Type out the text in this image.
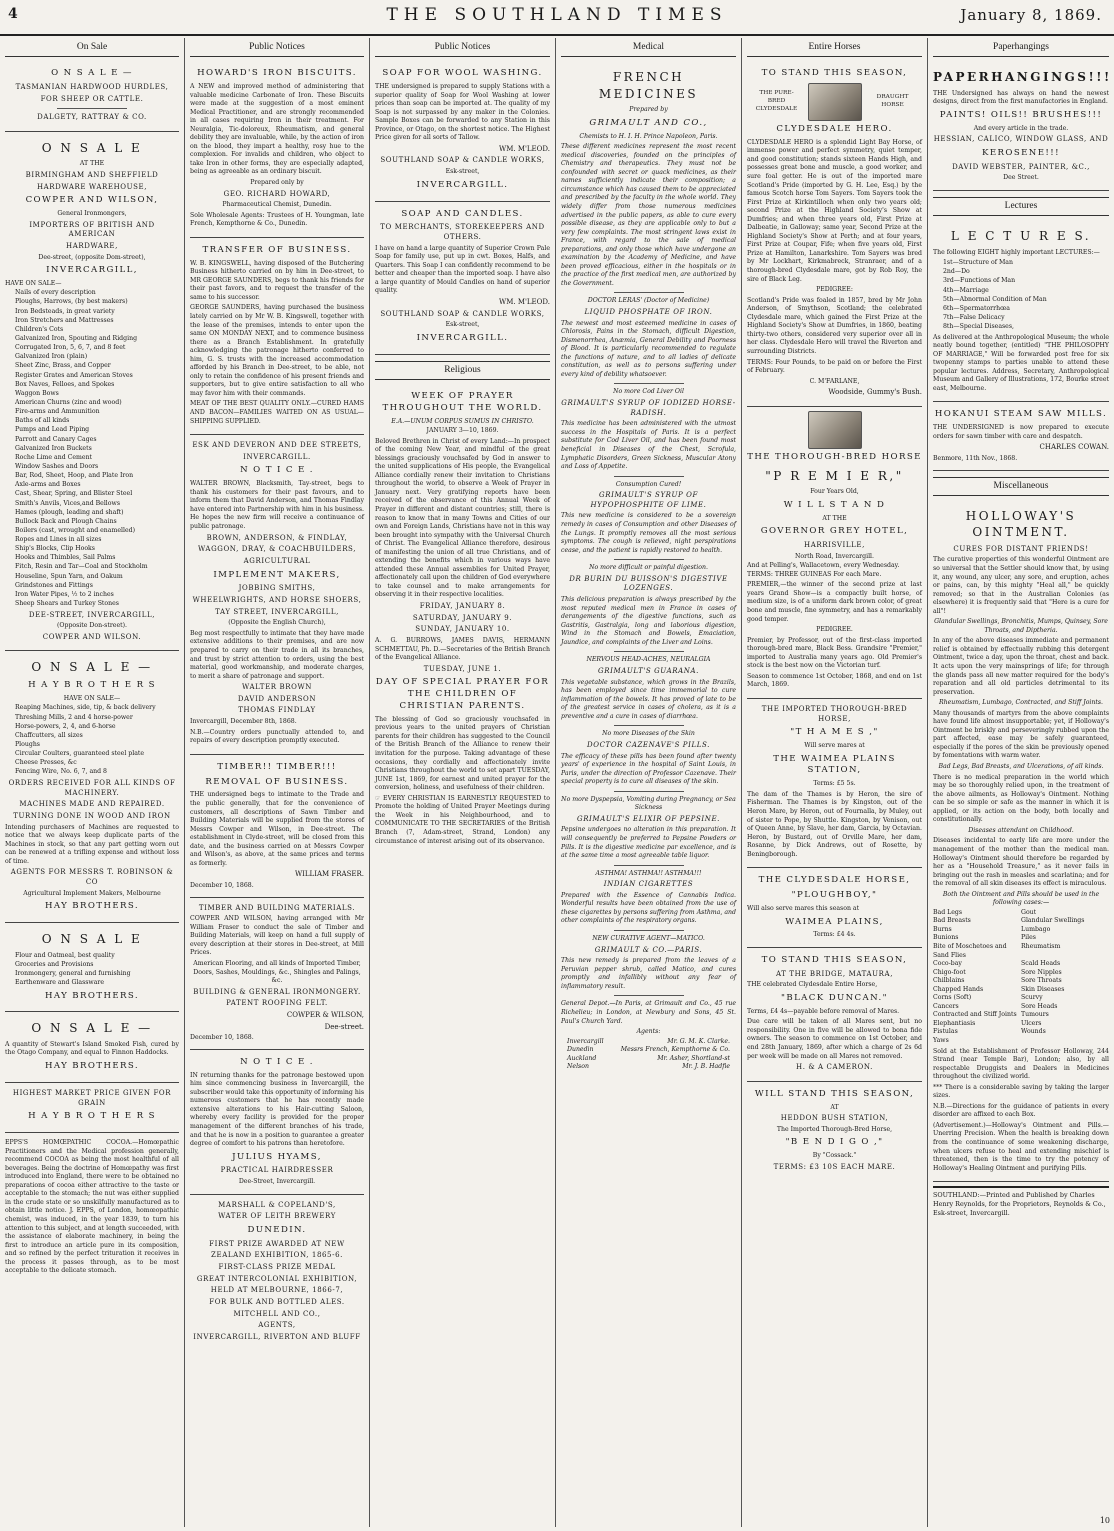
4	THE SOUTHLAND TIMES	January 8, 1869.
On Sale
O N S A L E —
TASMANIAN HARDWOOD HURDLES,
FOR SHEEP OR CATTLE.
DALGETY, RATTRAY & CO.
O N S A L E
AT THE
BIRMINGHAM AND SHEFFIELD
HARDWARE WAREHOUSE,
COWPER AND WILSON,
General Ironmongers,
IMPORTERS OF BRITISH AND AMERICAN
HARDWARE,
Dee-street, (opposite Dom-street),
INVERCARGILL,
HAVE ON SALE—
Nails of every description
Ploughs, Harrows, (by best makers)
Iron Bedsteads, in great variety
Iron Stretchers and Mattresses
Children's Cots
Galvanized Iron, Spouting and Ridging
Corrugated Iron, 5, 6, 7, and 8 feet
Galvanized Iron (plain)
Sheet Zinc, Brass, and Copper
Register Grates and American Stoves
Box Naves, Felloes, and Spokes
Waggon Bows
American Churns (zinc and wood)
Fire-arms and Ammunition
Baths of all kinds
Pumps and Lead Piping
Parrott and Canary Cages
Galvanized Iron Buckets
Roche Lime and Cement
Window Sashes and Doors
Bar, Rod, Sheet, Hoop, and Plate Iron
Axle-arms and Boxes
Cast, Shear, Spring, and Blister Steel
Smith's Anvils, Vices,and Bellows
Hames (plough, leading and shaft)
Bullock Back and Plough Chains
Boilers (cast, wrought and enamelled)
Ropes and Lines in all sizes
Ship's Blocks, Clip Hooks
Hooks and Thimbles, Sail Palms
Fitch, Resin and Tar—Coal and Stockholm
Houseline, Spun Yarn, and Oakum
Grindstones and Fittings
Iron Water Pipes, ½ to 2 inches
Sheep Shears and Turkey Stones
DEE-STREET, INVERCARGILL,
(Opposite Don-street).
COWPER AND WILSON.
O N S A L E —
H A Y B R O T H E R S
HAVE ON SALE—
Reaping Machines, side, tip, & back delivery
Threshing Mills, 2 and 4 horse-power
Horse-powers, 2, 4, and 6-horse
Chaffcutters, all sizes
Ploughs
Circular Coulters, guaranteed steel plate
Cheese Presses, &c
Fencing Wire, No. 6, 7, and 8
ORDERS RECEIVED FOR ALL KINDS OF MACHINERY.
MACHINES MADE AND REPAIRED.
TURNING DONE IN WOOD AND IRON
Intending purchasers of Machines are requested to notice that we always keep duplicate parts of the Machines in stock, so that any part getting worn out can be renewed at a trifling expense and without loss of time.
AGENTS FOR MESSRS T. ROBINSON & CO
Agricultural Implement Makers, Melbourne
HAY BROTHERS.
O N S A L E
Flour and Oatmeal, best quality
Groceries and Provisions
Ironmongery, general and furnishing
Earthenware and Glassware
HAY BROTHERS.
O N S A L E —
A quantity of Stewart's Island Smoked Fish, cured by the Otago Company, and equal to Finnon Haddocks.
HAY BROTHERS.
HIGHEST MARKET PRICE GIVEN FOR GRAIN
H A Y B R O T H E R S
EPPS'S HOMŒPATHIC COCOA.—Homœpathic Practitioners and the Medical profession generally, recommend COCOA as being the most healthful of all beverages. Being the doctrine of Homœpathy was first introduced into England, there were to be obtained no preparations of cocoa either attractive to the taste or acceptable to the stomach; the nut was either supplied in the crude state or so unskilfully manufactured as to obtain little notice. J. EPPS, of London, homœopathic chemist, was induced, in the year 1839, to turn his attention to this subject, and at length succeeded, with the assistance of elaborate machinery, in being the first to introduce an article pure in its composition, and so refined by the perfect trituration it receives in the process it passes through, as to be most acceptable to the delicate stomach.
Public Notices
HOWARD'S IRON BISCUITS.
A NEW and improved method of administering that valuable medicine Carbonate of Iron. These Biscuits were made at the suggestion of a most eminent Medical Practitioner, and are strongly recommended in all cases requiring Iron in their treatment. For Neuralgia, Tic-doloreux, Rheumatism, and general debility they are invaluable, while, by the action of iron on the blood, they impart a healthy, rosy hue to the complexion. For invalids and children, who object to take Iron in other forms, they are especially adapted, being as agreeable as an ordinary biscuit.
Prepared only by
GEO. RICHARD HOWARD,
Pharmaceutical Chemist, Dunedin.
Sole Wholesale Agents: Trustees of H. Youngman, late French, Kempthorne & Co., Dunedin.
TRANSFER OF BUSINESS.
W. B. KINGSWELL, having disposed of the Butchering Business hitherto carried on by him in Dee-street, to MR GEORGE SAUNDERS, begs to thank his friends for their past favors, and to request the transfer of the same to his successor.
GEORGE SAUNDERS, having purchased the business lately carried on by Mr W. B. Kingswell, together with the lease of the premises, intends to enter upon the same ON MONDAY NEXT, and to commence business there as a Branch Establishment. In gratefully acknowledging the patronage hitherto conferred to him, G. S. trusts with the increased accommodation afforded by his Branch in Dee-street, to be able, not only to retain the confidence of his present friends and supporters, but to give entire satisfaction to all who may favor him with their commands.
MEAT OF THE BEST QUALITY ONLY.—CURED HAMS AND BACON—FAMILIES WAITED ON AS USUAL—SHIPPING SUPPLIED.
ESK AND DEVERON AND DEE STREETS,
INVERCARGILL.
N O T I C E .
WALTER BROWN, Blacksmith, Tay-street, begs to thank his customers for their past favours, and to inform them that David Anderson, and Thomas Findlay have entered into Partnership with him in his business. He hopes the new firm will receive a continuance of public patronage.
BROWN, ANDERSON, & FINDLAY,
WAGGON, DRAY, & COACHBUILDERS,
AGRICULTURAL
IMPLEMENT MAKERS,
JOBBING SMITHS,
WHEELWRIGHTS, AND HORSE SHOERS,
TAY STREET, INVERCARGILL,
(Opposite the English Church),
Beg most respectfully to intimate that they have made extensive additions to their premises, and are now prepared to carry on their trade in all its branches, and trust by strict attention to orders, using the best material, good workmanship, and moderate charges, to merit a share of patronage and support.
WALTER BROWN
DAVID ANDERSON
THOMAS FINDLAY
Invercargill, December 8th, 1868.
N.B.—Country orders punctually attended to, and repairs of every description promptly executed.
TIMBER!! TIMBER!!!
REMOVAL OF BUSINESS.
THE undersigned begs to intimate to the Trade and the public generally, that for the convenience of customers, all descriptions of Sawn Timber and Building Materials will be supplied from the stores of Messrs Cowper and Wilson, in Dee-street. The establishment in Clyde-street, will be closed from this date, and the business carried on at Messrs Cowper and Wilson's, as above, at the same prices and terms as formerly.
WILLIAM FRASER.
December 10, 1868.
TIMBER AND BUILDING MATERIALS.
COWPER AND WILSON, having arranged with Mr William Fraser to conduct the sale of Timber and Building Materials, will keep on hand a full supply of every description at their stores in Dee-street, at Mill Prices.
American Flooring, and all kinds of Imported Timber, Doors, Sashes, Mouldings, &c., Shingles and Palings, &c.
BUILDING & GENERAL IRONMONGERY.
PATENT ROOFING FELT.
COWPER & WILSON,
Dee-street.
December 10, 1868.
N O T I C E .
IN returning thanks for the patronage bestowed upon him since commencing business in Invercargill, the subscriber would take this opportunity of informing his numerous customers that he has recently made extensive alterations to his Hair-cutting Saloon, whereby every facility is provided for the proper management of the different branches of his trade, and that he is now in a position to guarantee a greater degree of comfort to his patrons than heretofore.
JULIUS HYAMS,
PRACTICAL HAIRDRESSER
Dee-Street, Invercargill.
MARSHALL & COPELAND'S,
WATER OF LEITH BREWERY
DUNEDIN.
FIRST PRIZE AWARDED AT NEW
ZEALAND EXHIBITION, 1865-6.
FIRST-CLASS PRIZE MEDAL
GREAT INTERCOLONIAL EXHIBITION,
HELD AT MELBOURNE, 1866-7,
FOR BULK AND BOTTLED ALES.
MITCHELL AND CO.,
AGENTS,
INVERCARGILL, RIVERTON AND BLUFF
Public Notices
SOAP FOR WOOL WASHING.
THE undersigned is prepared to supply Stations with a superior quality of Soap for Wool Washing at lower prices than soap can be imported at. The quality of my Soap is not surpassed by any maker in the Colonies. Sample Boxes can be forwarded to any Station in this Province, or Otago, on the shortest notice. The Highest Price given for all sorts of Tallow.
WM. M'LEOD.
SOUTHLAND SOAP & CANDLE WORKS,
Esk-street,
INVERCARGILL.
SOAP AND CANDLES.
TO MERCHANTS, STOREKEEPERS AND OTHERS.
I have on hand a large quantity of Superior Crown Pale Soap for family use, put up in cwt. Boxes, Halfs, and Quarters. This Soap I can confidently recommend to be better and cheaper than the imported soap. I have also a large quantity of Mould Candles on hand of superior quality.
WM. M'LEOD.
SOUTHLAND SOAP & CANDLE WORKS,
Esk-street,
INVERCARGILL.
Religious
WEEK OF PRAYER THROUGHOUT THE WORLD.
E.A.—UNUM CORPUS SUMUS IN CHRISTO.
JANUARY 3—10, 1869.
Beloved Brethren in Christ of every Land:—In prospect of the coming New Year, and mindful of the great blessings graciously vouchsafed by God in answer to the united supplications of His people, the Evangelical Alliance cordially renew their invitation to Christians throughout the world, to observe a Week of Prayer in January next. Very gratifying reports have been received of the observance of this Annual Week of Prayer in different and distant countries; still, there is reason to know that in many Towns and Cities of our own and Foreign Lands, Christians have not in this way been brought into sympathy with the Universal Church of Christ. The Evangelical Alliance therefore, desirous of manifesting the union of all true Christians, and of extending the benefits which in various ways have attended these Annual assemblies for United Prayer, affectionately call upon the children of God everywhere to take counsel and to make arrangements for observing it in their respective localities.
FRIDAY, JANUARY 8.
SATURDAY, JANUARY 9.
SUNDAY, JANUARY 10.
A. G. BURROWS, JAMES DAVIS, HERMANN SCHMETTAU, Ph. D.—Secretaries of the British Branch of the Evangelical Alliance.
TUESDAY, JUNE 1.
DAY OF SPECIAL PRAYER FOR THE CHILDREN OF CHRISTIAN PARENTS.
The blessing of God so graciously vouchsafed in previous years to the united prayers of Christian parents for their children has suggested to the Council of the British Branch of the Alliance to renew their invitation for the purpose. Taking advantage of these occasions, they cordially and affectionately invite Christians throughout the world to set apart TUESDAY, JUNE 1st, 1869, for earnest and united prayer for the conversion, holiness, and usefulness of their children.
☞ EVERY CHRISTIAN IS EARNESTLY REQUESTED to Promote the holding of United Prayer Meetings during the Week in his Neighbourhood, and to COMMUNICATE TO THE SECRETARIES of the British Branch (7, Adam-street, Strand, London) any circumstance of interest arising out of its observance.
Medical
FRENCH MEDICINES
Prepared by
GRIMAULT AND CO.,
Chemists to H. I. H. Prince Napoleon, Paris.
These different medicines represent the most recent medical discoveries, founded on the principles of Chemistry and therapeutics. They must not be confounded with secret or quack medicines, as their names sufficiently indicate their composition; a circumstance which has caused them to be appreciated and prescribed by the faculty in the whole world. They widely differ from those numerous medicines advertised in the public papers, as able to cure every possible disease, as they are applicable only to but a very few complaints. The most stringent laws exist in France, with regard to the sale of medical preparations, and only those which have undergone an examination by the Academy of Medicine, and have been proved efficacious, either in the hospitals or in the practice of the first medical men, are authorized by the Government.
DOCTOR LERAS' (Doctor of Medicine)
LIQUID PHOSPHATE OF IRON.
The newest and most esteemed medicine in cases of Chlorosis, Pains in the Stomach, difficult Digestion, Dismenorrhea, Anæmia, General Debility and Poorness of Blood. It is particularly recommended to regulate the functions of nature, and to all ladies of delicate constitution, as well as to persons suffering under every kind of debility whatsoever.
No more Cod Liver Oil
GRIMAULT'S SYRUP OF IODIZED HORSE-RADISH.
This medicine has been administered with the utmost success in the Hospitals of Paris. It is a perfect substitute for Cod Liver Oil, and has been found most beneficial in Diseases of the Chest, Scrofula, Lymphatic Disorders, Green Sickness, Muscular Atony and Loss of Appetite.
Consumption Cured!
GRIMAULT'S SYRUP OF HYPOPHOSPHITE OF LIME.
This new medicine is considered to be a sovereign remedy in cases of Consumption and other Diseases of the Lungs. It promptly removes all the most serious symptoms. The cough is relieved, night perspirations cease, and the patient is rapidly restored to health.
No more difficult or painful digestion.
DR BURIN DU BUISSON'S DIGESTIVE LOZENGES.
This delicious preparation is always prescribed by the most reputed medical men in France in cases of derangements of the digestive functions, such as Gastritis, Gastralgia, long and laborious digestion, Wind in the Stomach and Bowels, Emaciation, Jaundice, and complaints of the Liver and Loins.
NERVOUS HEAD-ACHES, NEURALGIA
GRIMAULT'S GUARANA.
This vegetable substance, which grows in the Brazils, has been employed since time immemorial to cure inflammation of the bowels. It has proved of late to be of the greatest service in cases of cholera, as it is a preventive and a cure in cases of diarrhœa.
No more Diseases of the Skin
DOCTOR CAZENAVE'S PILLS.
The efficacy of these pills has been found after twenty years' of experience in the hospital of Saint Louis, in Paris, under the direction of Professor Cazenave. Their special property is to cure all diseases of the skin.
No more Dyspepsia, Vomiting during Pregnancy, or Sea Sickness
GRIMAULT'S ELIXIR OF PEPSINE.
Pepsine undergoes no alteration in this preparation. It will consequently be preferred to Pepsine Powders or Pills. It is the digestive medicine par excellence, and is at the same time a most agreeable table liquor.
ASTHMA! ASTHMA!! ASTHMA!!!
INDIAN CIGARETTES
Prepared with the Essence of Cannabis Indica. Wonderful results have been obtained from the use of these cigarettes by persons suffering from Asthma, and other complaints of the respiratory organs.
NEW CURATIVE AGENT—MATICO.
GRIMAULT & CO.—PARIS.
This new remedy is prepared from the leaves of a Peruvian pepper shrub, called Matico, and cures promptly and infallibly without any fear of inflammatory result.
General Depot.—In Paris, at Grimault and Co., 45 rue Richelieu; in London, at Newbury and Sons, 45 St. Paul's Church Yard.
Agents:
Invercargill	Mr. G. M. K. Clarke.
Dunedin	Messrs French, Kempthorne & Co.
Auckland	Mr. Asher, Shortland-st
Nelson	Mr. J. B. Hadfie
Entire Horses
TO STAND THIS SEASON,
THE PURE-BRED CLYDESDALE
DRAUGHT HORSE
CLYDESDALE HERO.
CLYDESDALE HERO is a splendid Light Bay Horse, of immense power and perfect symmetry, quiet temper, and good constitution; stands sixteen Hands High, and possesses great bone and muscle, a good worker, and sure foal getter. He is out of the imported mare Scotland's Pride (imported by G. H. Lee, Esq.) by the famous Scotch horse Tom Sayers. Tom Sayers took the First Prize at Kirkintilloch when only two years old; second Prize at the Highland Society's Show at Dumfries; and when three years old, First Prize at Dalbeatie, in Galloway; same year, Second Prize at the Highland Society's Show at Perth; and at four years, First Prize at Coupar, Fife; when five years old, First Prize at Hamilton, Lanarkshire. Tom Sayers was bred by Mr Lockhart, Kirkmabreck, Stranraer, and of a thorough-bred Clydesdale mare, got by Rob Roy, the sire of Black Leg.
PEDIGREE:
Scotland's Pride was foaled in 1857, bred by Mr John Anderson, of Smythson, Scotland; the celebrated Clydesdale mare, which gained the First Prize at the Highland Society's Show at Dumfries, in 1860, beating thirty-two others, considered very superior over all in her class. Clydesdale Hero will travel the Riverton and surrounding Districts.
TERMS: Four Pounds, to be paid on or before the First of February.
C. M'FARLANE,
Woodside, Gummy's Bush.
THE THOROUGH-BRED HORSE
"P R E M I E R,"
Four Years Old,
W I L L S T A N D
AT THE
GOVERNOR GREY HOTEL,
HARRISVILLE,
North Road, Invercargill.
And at Pelling's, Wallacetown, every Wednesday.
TERMS: THREE GUINEAS For each Mare.
PREMIER,—the winner of the second prize at last years Grand Show—is a compactly built horse, of medium size, is of a uniform dark brown color, of great bone and muscle, fine symmetry, and has a remarkably good temper.
PEDIGREE.
Premier, by Professor, out of the first-class imported thorough-bred mare, Black Bess. Grandsire "Premier," imported to Australia many years ago. Old Premier's stock is the best now on the Victorian turf.
Season to commence 1st October, 1868, and end on 1st March, 1869.
THE IMPORTED THOROUGH-BRED HORSE,
"T H A M E S ,"
Will serve mares at
THE WAIMEA PLAINS STATION,
Terms: £5 5s.
The dam of the Thames is by Heron, the sire of Fisherman. The Thames is by Kingston, out of the Heron Mare, by Heron, out of Fournalla, by Muley, out of sister to Pope, by Shuttle. Kingston, by Venison, out of Queen Anne, by Slave, her dam, Garcia, by Octavian. Heron, by Bustard, out of Orville Mare, her dam, Rosanne, by Dick Andrews, out of Rosette, by Beningborough.
THE CLYDESDALE HORSE,
"PLOUGHBOY,"
Will also serve mares this season at
WAIMEA PLAINS,
Terms: £4 4s.
TO STAND THIS SEASON,
AT THE BRIDGE, MATAURA,
THE celebrated Clydesdale Entire Horse,
"BLACK DUNCAN."
Terms, £4 4s—payable before removal of Mares.
Due care will be taken of all Mares sent, but no responsibility. One in five will be allowed to bona fide owners. The season to commence on 1st October, and end 28th January, 1869, after which a charge of 2s 6d per week will be made on all Mares not removed.
H. & A CAMERON.
WILL STAND THIS SEASON,
AT
HEDDON BUSH STATION,
The Imported Thorough-Bred Horse,
"B E N D I G O ,"
By "Cossack."
TERMS: £3 10S EACH MARE.
Paperhangings
PAPERHANGINGS!!!
THE Undersigned has always on hand the newest designs, direct from the first manufactories in England.
PAINTS! OILS!! BRUSHES!!!
And every article in the trade.
HESSIAN, CALICO, WINDOW GLASS, AND
KEROSENE!!!
DAVID WEBSTER, PAINTER, &C.,
Dee Street.
Lectures
L E C T U R E S.
The following EIGHT highly important LECTURES:—
1st—Structure of Man
2nd—Do
3rd—Functions of Man
4th—Marriage
5th—Abnormal Condition of Man
6th—Spermatorrhœa
7th—False Delicacy
8th—Special Diseases,
As delivered at the Anthropological Museum; the whole neatly bound together, (entitled) "THE PHILOSOPHY OF MARRIAGE," Will be forwarded post free for six twopenny stamps to parties unable to attend these popular lectures. Address, Secretary, Anthropological Museum and Gallery of Illustrations, 172, Bourke street east, Melbourne.
HOKANUI STEAM SAW MILLS.
THE UNDERSIGNED is now prepared to execute orders for sawn timber with care and despatch.
CHARLES COWAN.
Benmore, 11th Nov., 1868.
Miscellaneous
HOLLOWAY'S OINTMENT.
CURES FOR DISTANT FRIENDS!
The curative properties of this wonderful Ointment are so universal that the Settler should know that, by using it, any wound, any ulcer, any sore, and eruption, aches or pains, can, by this mighty "Heal all," be quickly removed; so that in the Australian Colonies (as elsewhere) it is frequently said that "Here is a cure for all"!
Glandular Swellings, Bronchitis, Mumps, Quinsey, Sore Throats, and Diptheria.
In any of the above diseases immediate and permanent relief is obtained by effectually rubbing this detergent Ointment, twice a day, upon the throat, chest and back. It acts upon the very mainsprings of life; for through the glands pass all new matter required for the body's reparation and all old particles detrimental to its preservation.
Rheumatism, Lumbago, Contracted, and Stiff Joints.
Many thousands of martyrs from the above complaints have found life almost insupportable; yet, if Holloway's Ointment be briskly and perseveringly rubbed upon the part affected, ease may be safely guaranteed, especially if the pores of the skin be previously opened by fomentations with warm water.
Bad Legs, Bad Breasts, and Ulcerations, of all kinds.
There is no medical preparation in the world which may be so thoroughly relied upon, in the treatment of the above ailments, as Holloway's Ointment. Nothing can be so simple or safe as the manner in which it is applied, or its action on the body, both locally and constitutionally.
Diseases attendant on Childhood.
Diseases incidental to early life are more under the management of the mother than the medical man. Holloway's Ointment should therefore be regarded by her as a "Household Treasure," as it never fails in bringing out the rash in measles and scarlatina; and for the removal of all skin diseases its effect is miraculous.
Both the Ointment and Pills should be used in the following cases:—
Bad Legs	Gout
Bad Breasts	Glandular Swellings
Burns	Lumbago
Bunions	Piles
Bite of Moschetoes and Sand Flies
Rheumatism
Coco-bay	Scald Heads
Chigo-foot	Sore Nipples
Chilblains	Sore Throats
Chapped Hands	Skin Diseases
Corns (Soft)	Scurvy
Cancers	Sore Heads
Contracted and Stiff Joints Tumours
Elephantiasis	Ulcers
Fistulas	Wounds
Yaws
Sold at the Establishment of Professor Holloway, 244 Strand (near Temple Bar), London; also, by all respectable Druggists and Dealers in Medicines throughout the civilized world.
*** There is a considerable saving by taking the larger sizes.
N.B.—Directions for the guidance of patients in every disorder are affixed to each Box.
(Advertisement.)—Holloway's Ointment and Pills.—Unerring Precision. When the health is breaking down from the continuance of some weakening discharge, when ulcers refuse to heal and extending mischief is threatened, then is the time to try the potency of Holloway's Healing Ointment and purifying Pills.
SOUTHLAND:—Printed and Published by Charles Henry Reynolds, for the Proprietors, Reynolds & Co., Esk-street, Invercargill.
10
